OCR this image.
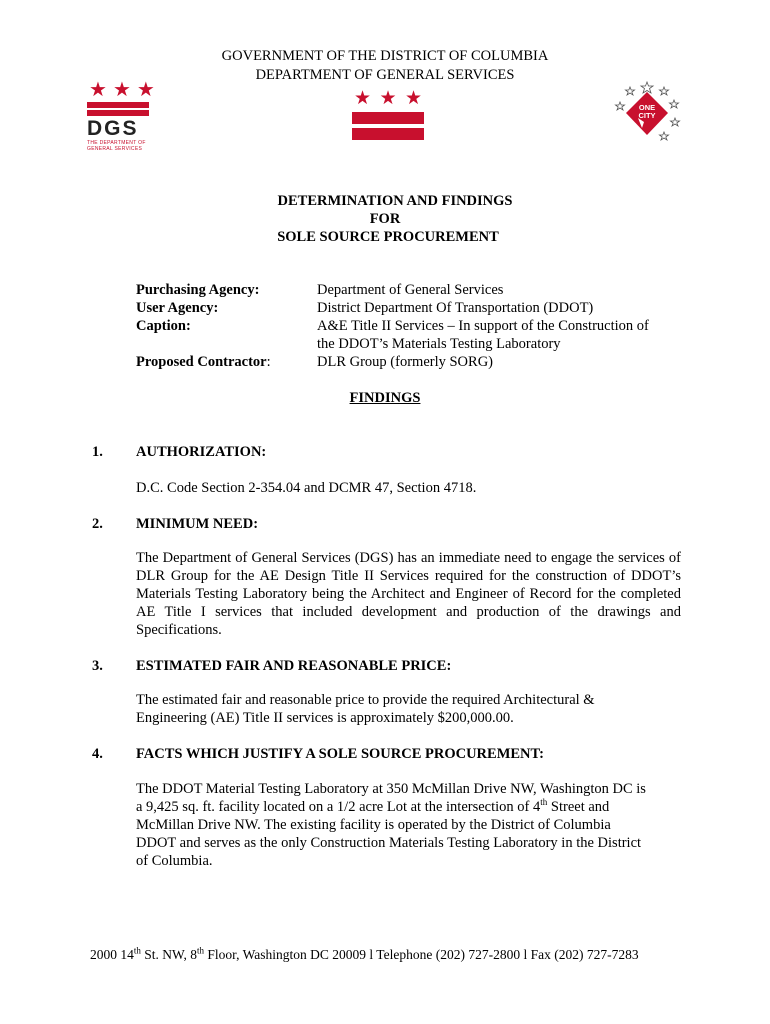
GOVERNMENT OF THE DISTRICT OF COLUMBIA
DEPARTMENT OF GENERAL SERVICES
★ ★ ★
DGS
THE DEPARTMENT OF
GENERAL SERVICES
★ ★ ★	ONE
CITY
DETERMINATION AND FINDINGS
FOR
SOLE SOURCE PROCUREMENT
Purchasing Agency:	Department of General Services
User Agency:	District Department Of Transportation (DDOT)
Caption:	A&E Title II Services – In support of the Construction of
the DDOT’s Materials Testing Laboratory
Proposed Contractor:	DLR Group (formerly SORG)
FINDINGS
1. AUTHORIZATION:
D.C. Code Section 2-354.04 and DCMR 47, Section 4718.
2. MINIMUM NEED:
The Department of General Services (DGS) has an immediate need to engage the services of DLR Group for the AE Design Title II Services required for the construction of DDOT’s Materials Testing Laboratory being the Architect and Engineer of Record for the completed AE Title I services that included development and production of the drawings and Specifications.
3. ESTIMATED FAIR AND REASONABLE PRICE:
The estimated fair and reasonable price to provide the required Architectural &
Engineering (AE) Title II services is approximately $200,000.00.
4. FACTS WHICH JUSTIFY A SOLE SOURCE PROCUREMENT:
The DDOT Material Testing Laboratory at 350 McMillan Drive NW, Washington DC is
a 9,425 sq. ft. facility located on a 1/2 acre Lot at the intersection of 4th Street and
McMillan Drive NW. The existing facility is operated by the District of Columbia
DDOT and serves as the only Construction Materials Testing Laboratory in the District
of Columbia.
2000 14th St. NW, 8th Floor, Washington DC 20009 l Telephone (202) 727-2800 l Fax (202) 727-7283
